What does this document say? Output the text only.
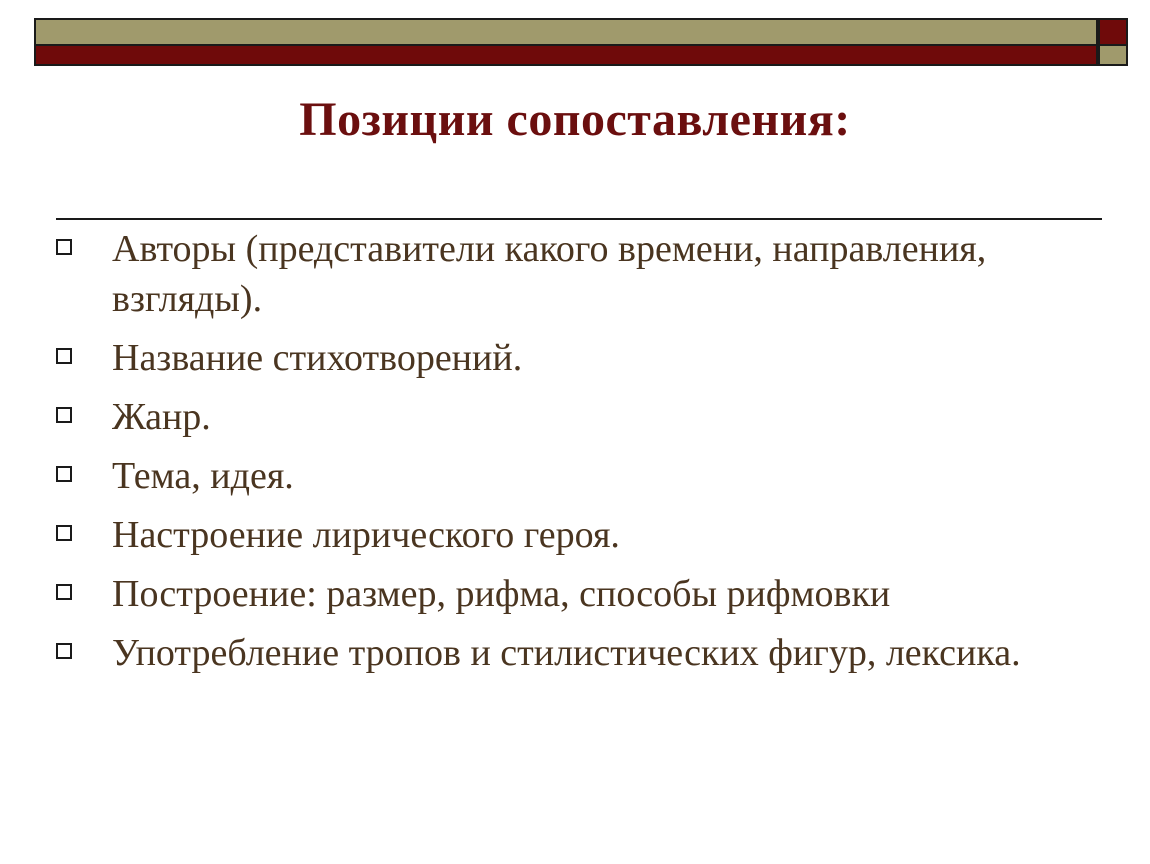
Позиции сопоставления:
Авторы (представители какого времени, направления, взгляды).
Название стихотворений.
Жанр.
Тема, идея.
Настроение лирического героя.
Построение: размер, рифма, способы рифмовки
Употребление тропов и стилистических фигур, лексика.
